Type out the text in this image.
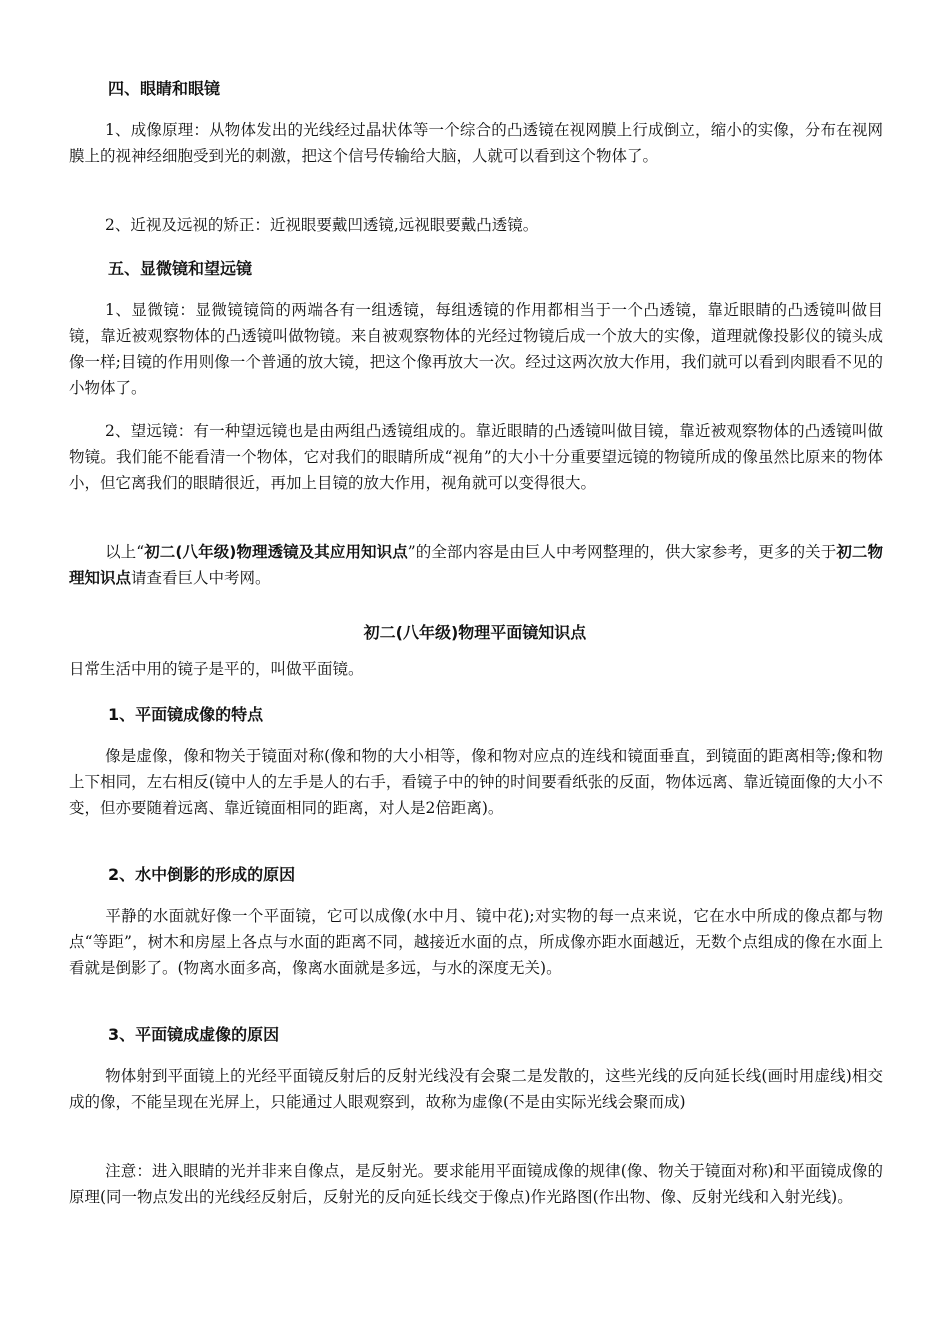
四、眼睛和眼镜
1、成像原理：从物体发出的光线经过晶状体等一个综合的凸透镜在视网膜上行成倒立，缩小的实像，分布在视网膜上的视神经细胞受到光的刺激，把这个信号传输给大脑，人就可以看到这个物体了。
2、近视及远视的矫正：近视眼要戴凹透镜,远视眼要戴凸透镜。
五、显微镜和望远镜
1、显微镜：显微镜镜筒的两端各有一组透镜，每组透镜的作用都相当于一个凸透镜，靠近眼睛的凸透镜叫做目镜，靠近被观察物体的凸透镜叫做物镜。来自被观察物体的光经过物镜后成一个放大的实像，道理就像投影仪的镜头成像一样;目镜的作用则像一个普通的放大镜，把这个像再放大一次。经过这两次放大作用，我们就可以看到肉眼看不见的小物体了。
2、望远镜：有一种望远镜也是由两组凸透镜组成的。靠近眼睛的凸透镜叫做目镜，靠近被观察物体的凸透镜叫做物镜。我们能不能看清一个物体，它对我们的眼睛所成“视角”的大小十分重要望远镜的物镜所成的像虽然比原来的物体小，但它离我们的眼睛很近，再加上目镜的放大作用，视角就可以变得很大。
以上“初二(八年级)物理透镜及其应用知识点”的全部内容是由巨人中考网整理的，供大家参考，更多的关于初二物理知识点请查看巨人中考网。
初二(八年级)物理平面镜知识点
日常生活中用的镜子是平的，叫做平面镜。
1、平面镜成像的特点
像是虚像，像和物关于镜面对称(像和物的大小相等，像和物对应点的连线和镜面垂直，到镜面的距离相等;像和物上下相同，左右相反(镜中人的左手是人的右手，看镜子中的钟的时间要看纸张的反面，物体远离、靠近镜面像的大小不变，但亦要随着远离、靠近镜面相同的距离，对人是2倍距离)。
2、水中倒影的形成的原因
平静的水面就好像一个平面镜，它可以成像(水中月、镜中花);对实物的每一点来说，它在水中所成的像点都与物点“等距”，树木和房屋上各点与水面的距离不同，越接近水面的点，所成像亦距水面越近，无数个点组成的像在水面上看就是倒影了。(物离水面多高，像离水面就是多远，与水的深度无关)。
3、平面镜成虚像的原因
物体射到平面镜上的光经平面镜反射后的反射光线没有会聚二是发散的，这些光线的反向延长线(画时用虚线)相交成的像，不能呈现在光屏上，只能通过人眼观察到，故称为虚像(不是由实际光线会聚而成)
注意：进入眼睛的光并非来自像点，是反射光。要求能用平面镜成像的规律(像、物关于镜面对称)和平面镜成像的原理(同一物点发出的光线经反射后，反射光的反向延长线交于像点)作光路图(作出物、像、反射光线和入射光线)。
